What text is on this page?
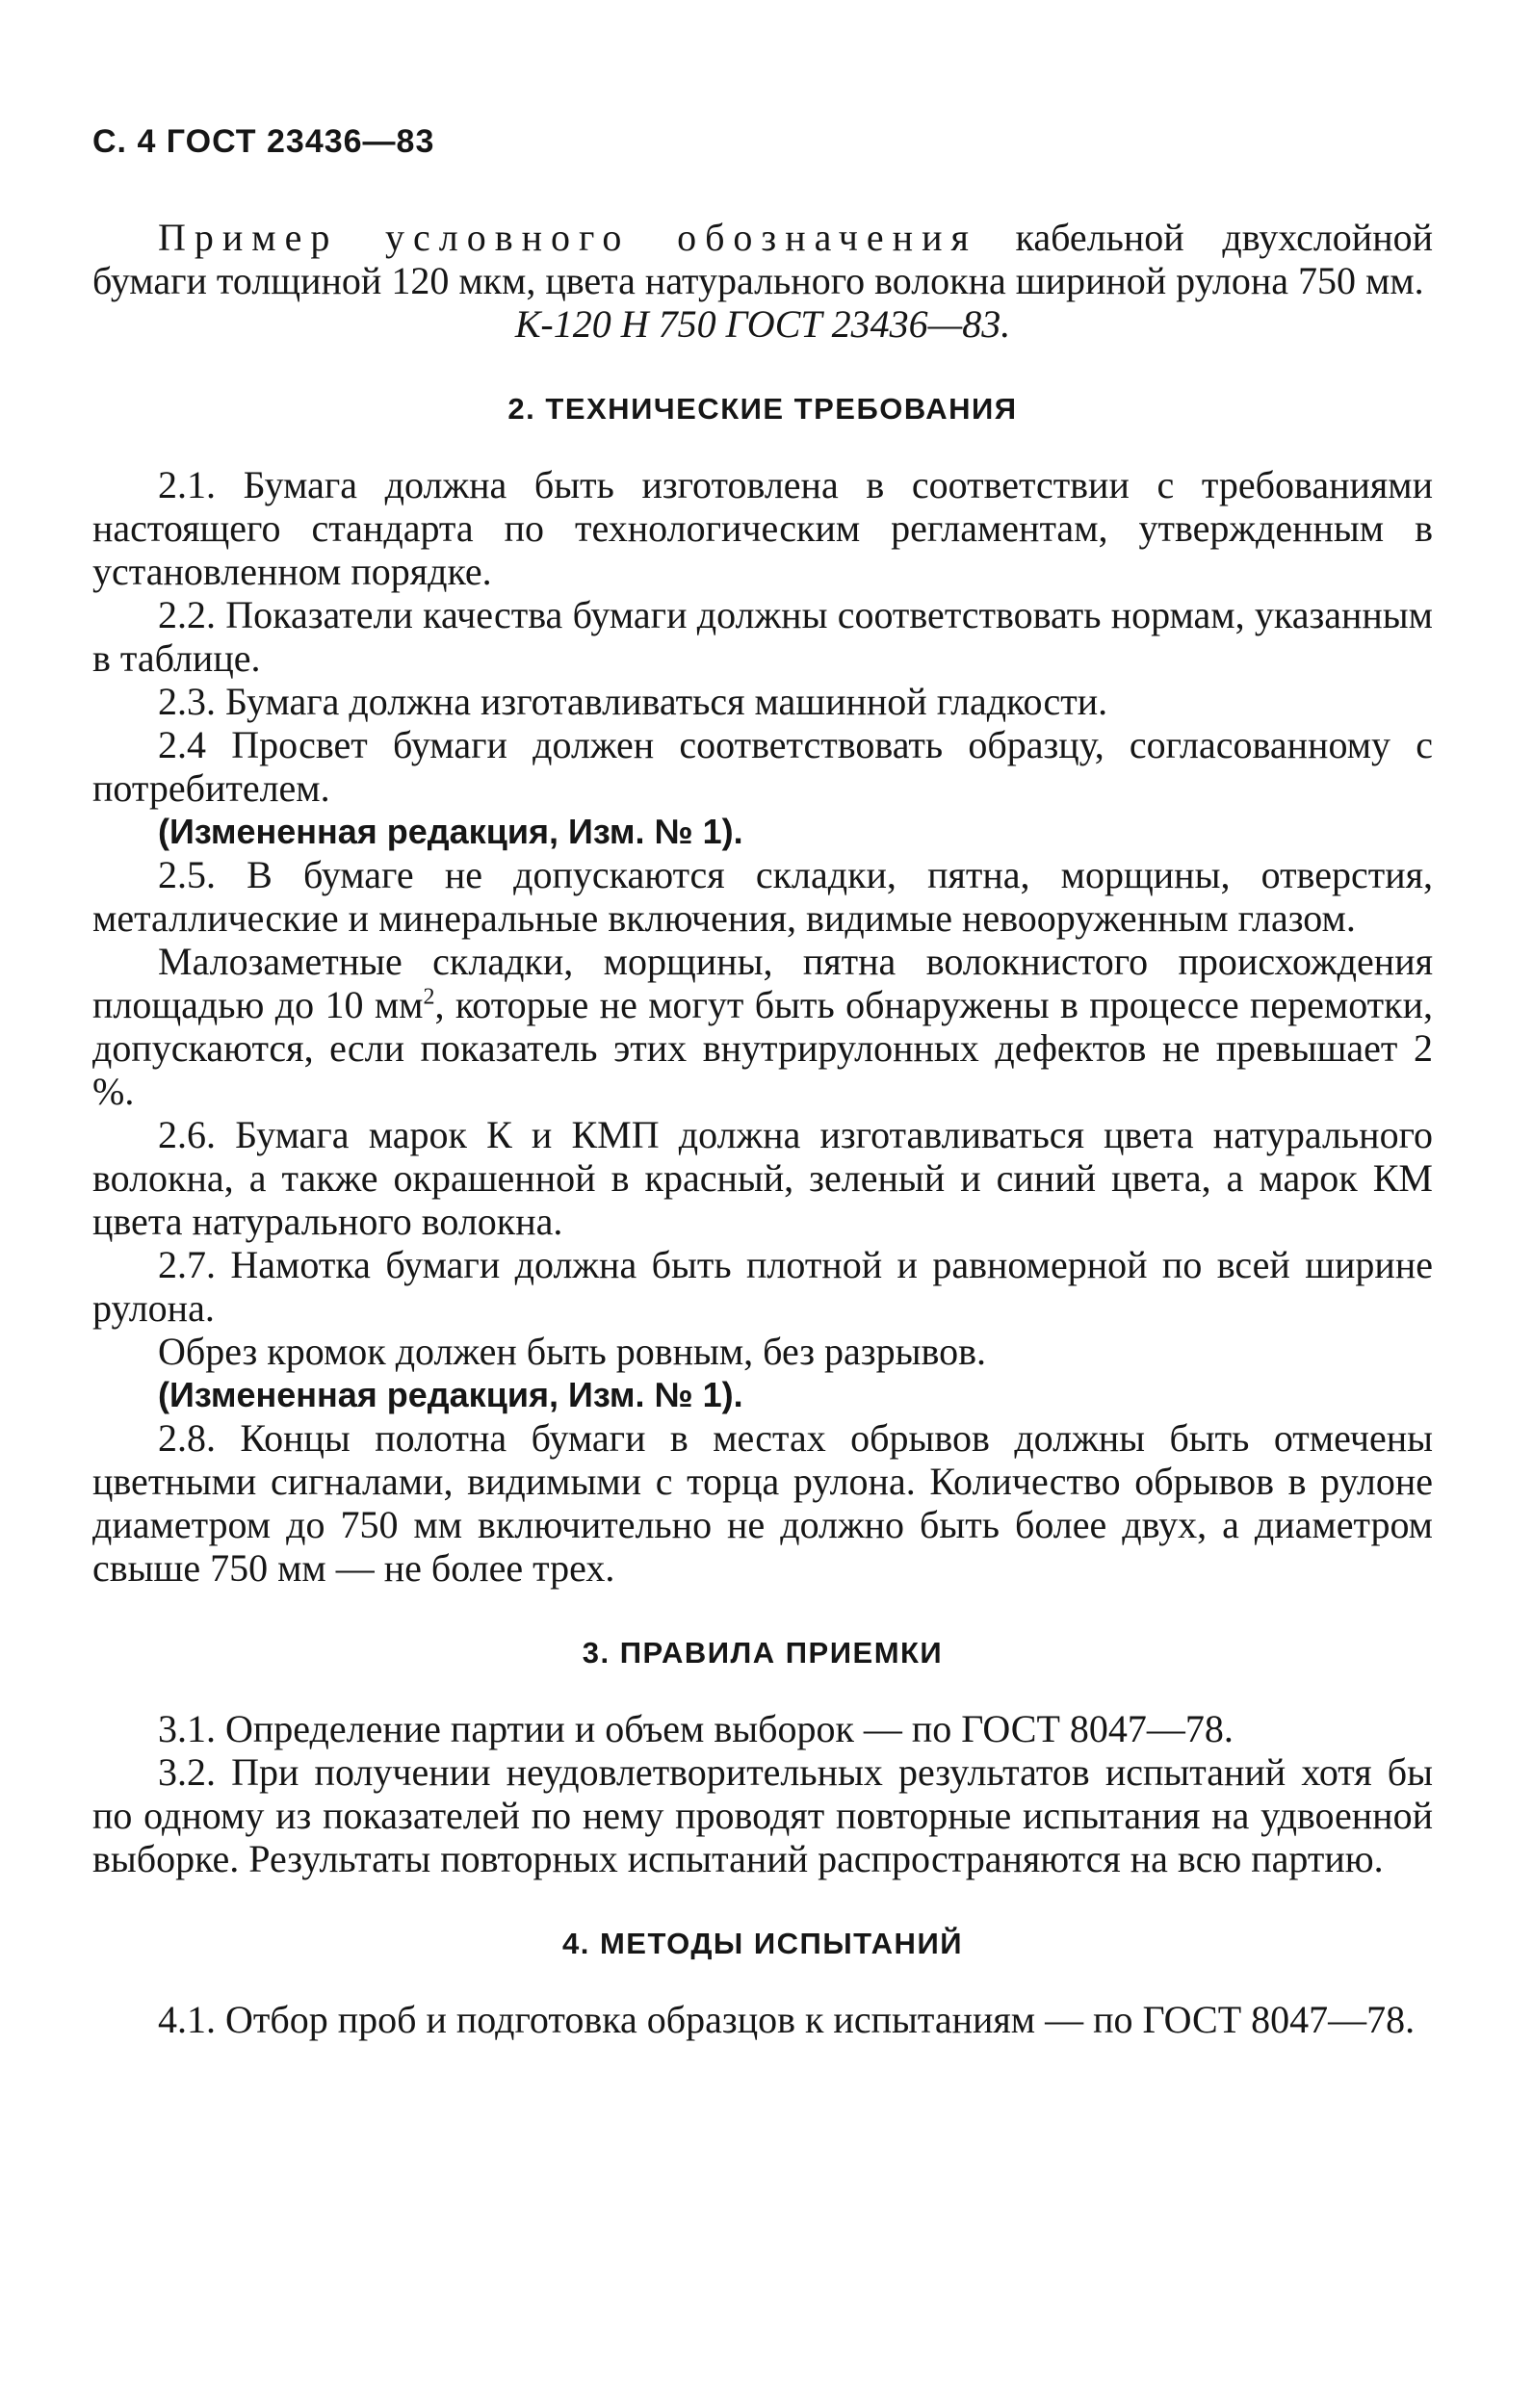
С. 4 ГОСТ 23436—83

Пример условного обозначения кабельной двухслойной бумаги толщиной 120 мкм, цвета натурального волокна шириной рулона 750 мм.

К-120 Н 750 ГОСТ 23436—83.

2. ТЕХНИЧЕСКИЕ ТРЕБОВАНИЯ

2.1. Бумага должна быть изготовлена в соответствии с требованиями настоящего стандарта по технологическим регламентам, утвержденным в установленном порядке.

2.2. Показатели качества бумаги должны соответствовать нормам, указанным в таблице.

2.3. Бумага должна изготавливаться машинной гладкости.

2.4 Просвет бумаги должен соответствовать образцу, согласованному с потребителем.

(Измененная редакция, Изм. № 1).

2.5. В бумаге не допускаются складки, пятна, морщины, отверстия, металлические и минеральные включения, видимые невооруженным глазом.

Малозаметные складки, морщины, пятна волокнистого происхождения площадью до 10 $мм^2$, которые не могут быть обнаружены в процессе перемотки, допускаются, если показатель этих внутрирулонных дефектов не превышает 2 %.

2.6. Бумага марок К и КМП должна изготавливаться цвета натурального волокна, а также окрашенной в красный, зеленый и синий цвета, а марок КМ цвета натурального волокна.

2.7. Намотка бумаги должна быть плотной и равномерной по всей ширине рулона.

Обрез кромок должен быть ровным, без разрывов.

(Измененная редакция, Изм. № 1).

2.8. Концы полотна бумаги в местах обрывов должны быть отмечены цветными сигналами, видимыми с торца рулона. Количество обрывов в рулоне диаметром до 750 мм включительно не должно быть более двух, а диаметром свыше 750 мм — не более трех.

3. ПРАВИЛА ПРИЕМКИ

3.1. Определение партии и объем выборок — по ГОСТ 8047—78.

3.2. При получении неудовлетворительных результатов испытаний хотя бы по одному из показателей по нему проводят повторные испытания на удвоенной выборке. Результаты повторных испытаний распространяются на всю партию.

4. МЕТОДЫ ИСПЫТАНИЙ

4.1. Отбор проб и подготовка образцов к испытаниям — по ГОСТ 8047—78.
